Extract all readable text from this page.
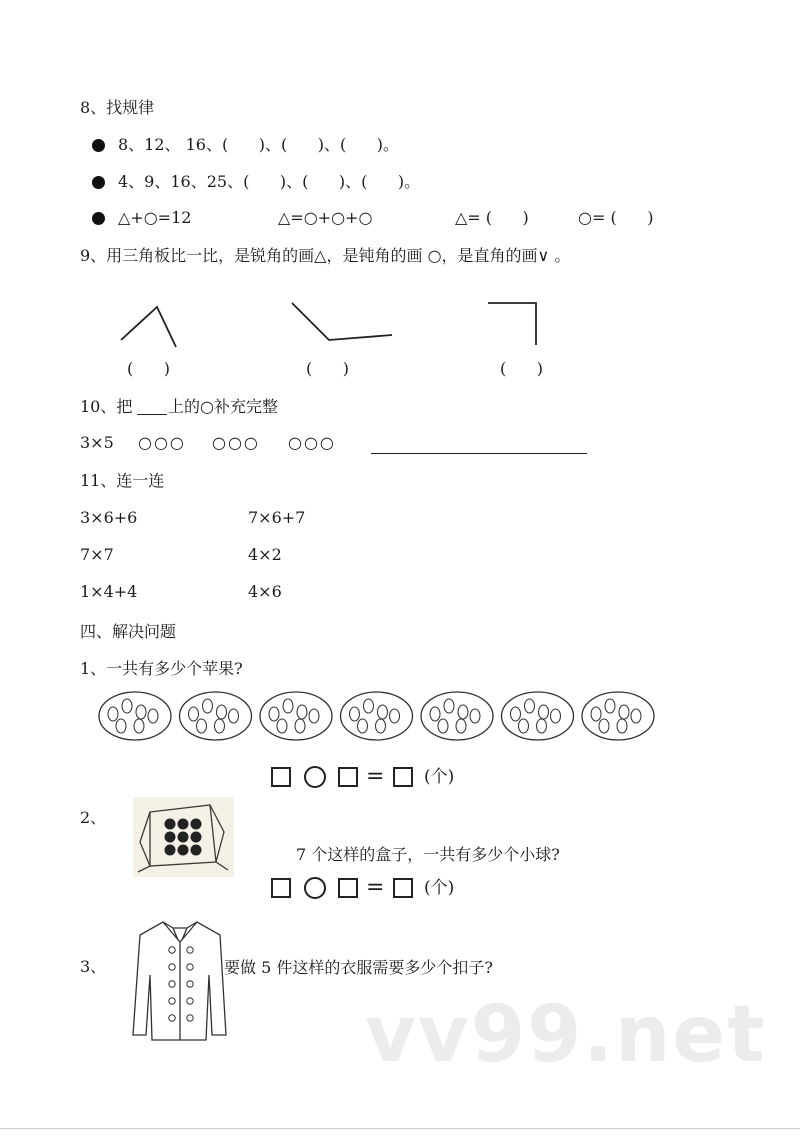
8、找规律
8、12、 16、(      )、(      )、(      )。
4、9、16、25、(      )、(      )、(      )。
△+○=12	△=○+○+○	△= (      )	○= (      )
9、用三角板比一比，是锐角的画△，是钝角的画 ○，是直角的画∨ 。
(      )	(      )	(      )
10、把 上的○补充完整
3×5 ○○○ ○○○ ○○○
11、连一连
3×6+6	7×6+7
7×7	4×2
1×4+4	4×6
四、解决问题
1、一共有多少个苹果?
= (个)
2、
7 个这样的盒子，一共有多少个小球?
= (个)
3、	要做 5 件这样的衣服需要多少个扣子?
vv99.net
